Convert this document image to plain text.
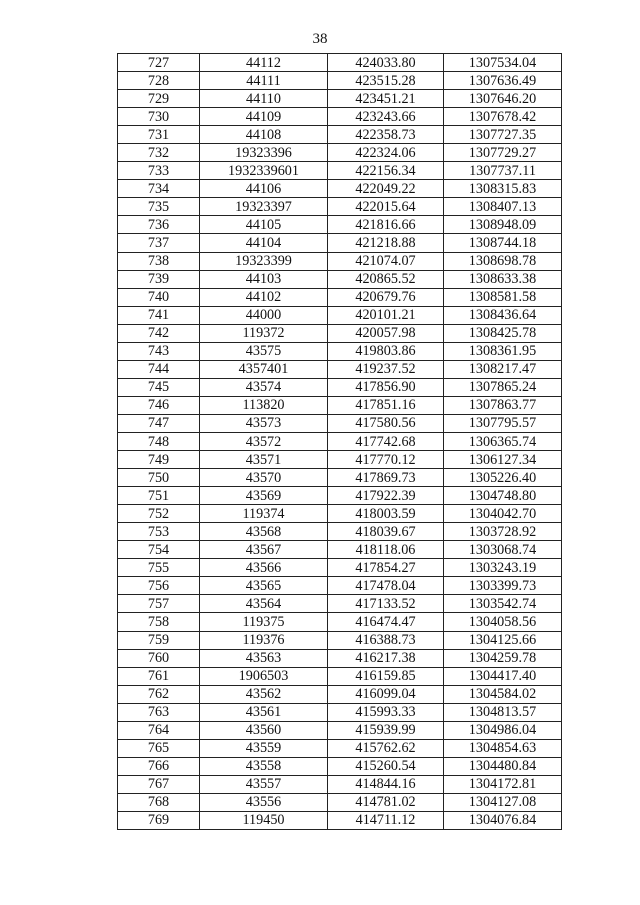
38
727	44112	424033.80	1307534.04
728	44111	423515.28	1307636.49
729	44110	423451.21	1307646.20
730	44109	423243.66	1307678.42
731	44108	422358.73	1307727.35
732	19323396	422324.06	1307729.27
733	1932339601	422156.34	1307737.11
734	44106	422049.22	1308315.83
735	19323397	422015.64	1308407.13
736	44105	421816.66	1308948.09
737	44104	421218.88	1308744.18
738	19323399	421074.07	1308698.78
739	44103	420865.52	1308633.38
740	44102	420679.76	1308581.58
741	44000	420101.21	1308436.64
742	119372	420057.98	1308425.78
743	43575	419803.86	1308361.95
744	4357401	419237.52	1308217.47
745	43574	417856.90	1307865.24
746	113820	417851.16	1307863.77
747	43573	417580.56	1307795.57
748	43572	417742.68	1306365.74
749	43571	417770.12	1306127.34
750	43570	417869.73	1305226.40
751	43569	417922.39	1304748.80
752	119374	418003.59	1304042.70
753	43568	418039.67	1303728.92
754	43567	418118.06	1303068.74
755	43566	417854.27	1303243.19
756	43565	417478.04	1303399.73
757	43564	417133.52	1303542.74
758	119375	416474.47	1304058.56
759	119376	416388.73	1304125.66
760	43563	416217.38	1304259.78
761	1906503	416159.85	1304417.40
762	43562	416099.04	1304584.02
763	43561	415993.33	1304813.57
764	43560	415939.99	1304986.04
765	43559	415762.62	1304854.63
766	43558	415260.54	1304480.84
767	43557	414844.16	1304172.81
768	43556	414781.02	1304127.08
769	119450	414711.12	1304076.84
